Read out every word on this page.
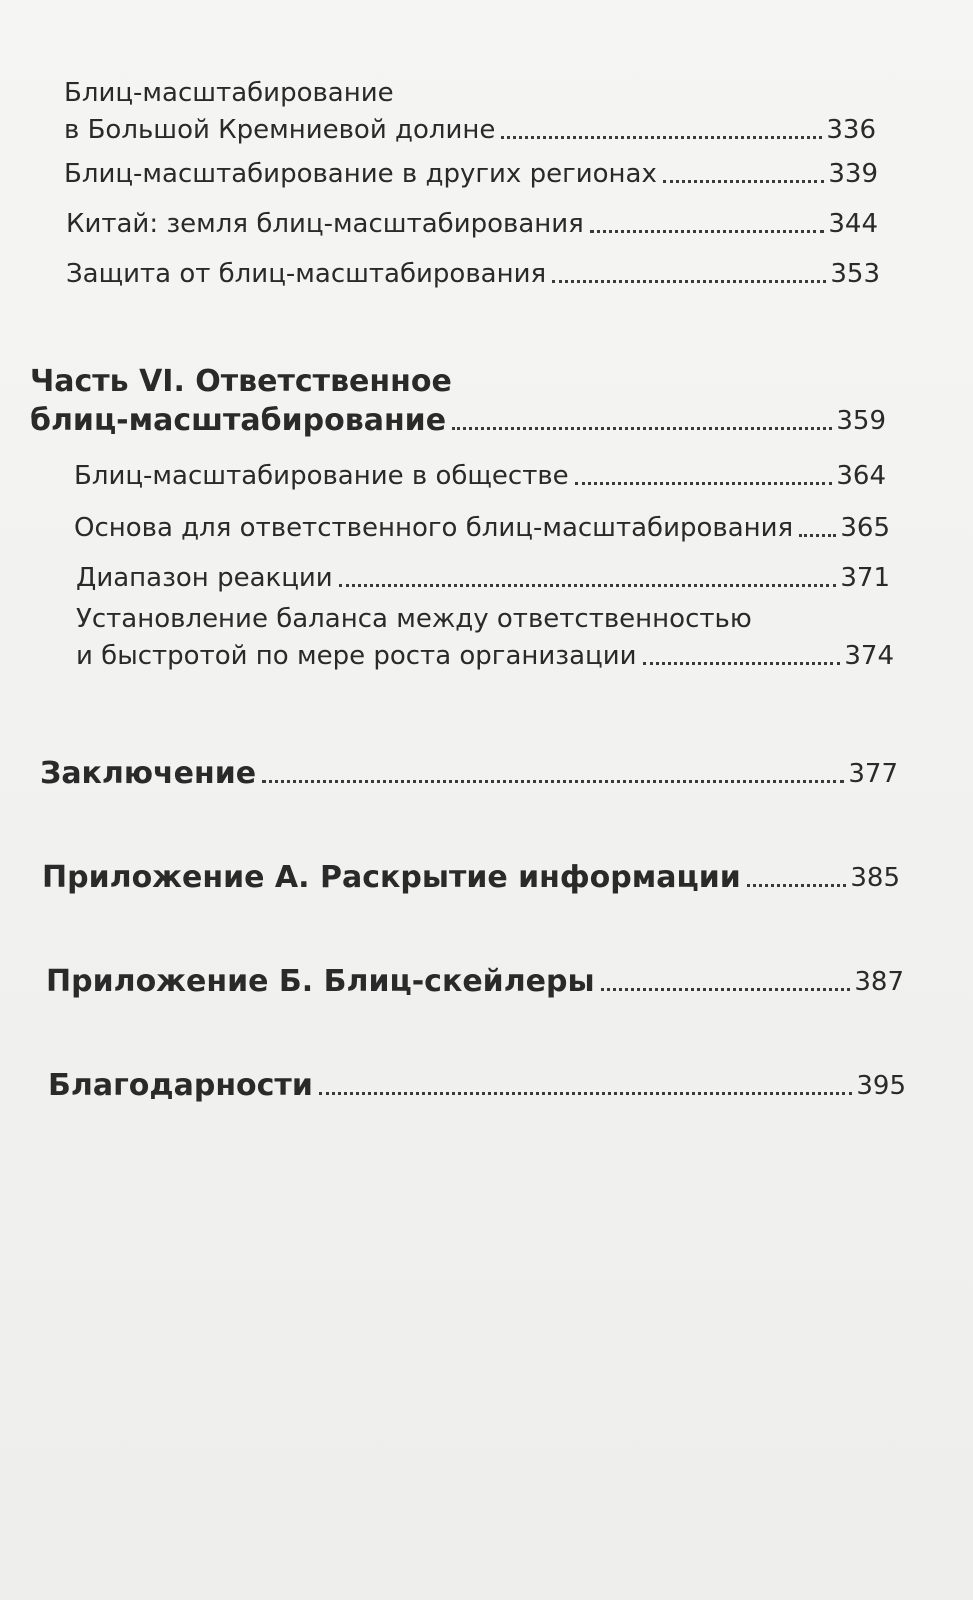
Блиц-масштабирование
в Большой Кремниевой долине	336
Блиц-масштабирование в других регионах	339
Китай: земля блиц-масштабирования	344
Защита от блиц-масштабирования	353
Часть VI. Ответственное
блиц-масштабирование	359
Блиц-масштабирование в обществе	364
Основа для ответственного блиц-масштабирования 365
Диапазон реакции	371
Установление баланса между ответственностью
и быстротой по мере роста организации	374
Заключение	377
Приложение А. Раскрытие информации	385
Приложение Б. Блиц-скейлеры	387
Благодарности	395
